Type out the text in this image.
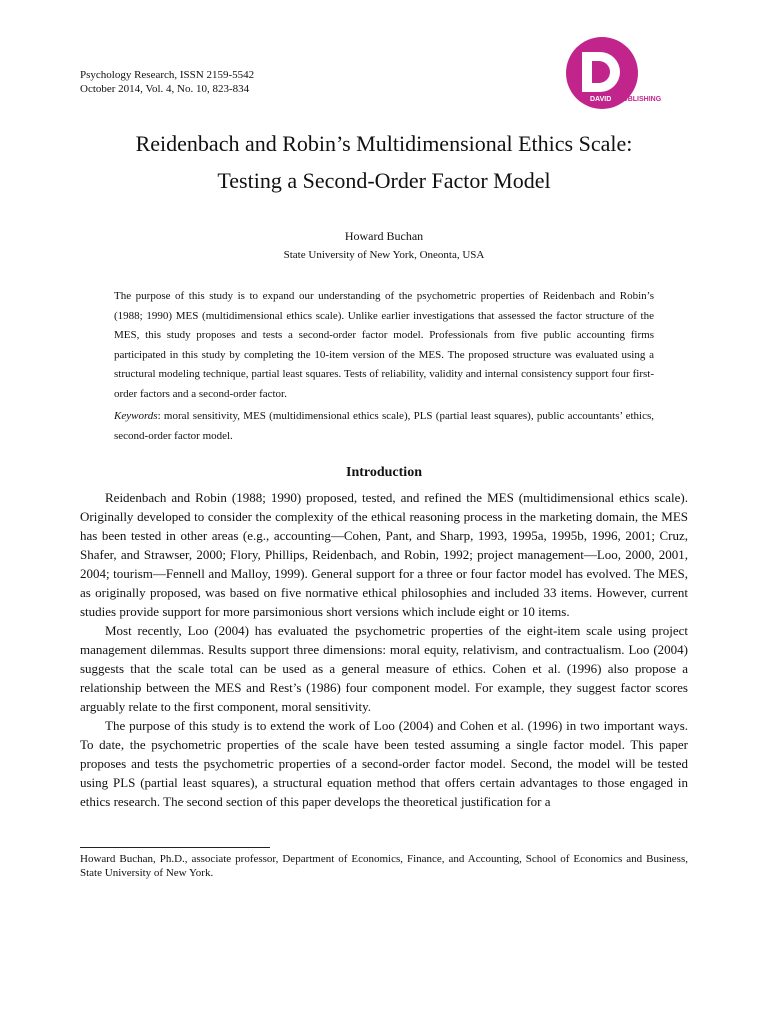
Psychology Research, ISSN 2159-5542
October 2014, Vol. 4, No. 10, 823-834
DAVID PUBLISHING
Reidenbach and Robin’s Multidimensional Ethics Scale:
Testing a Second-Order Factor Model
Howard Buchan
State University of New York, Oneonta, USA
The purpose of this study is to expand our understanding of the psychometric properties of Reidenbach and Robin’s (1988; 1990) MES (multidimensional ethics scale). Unlike earlier investigations that assessed the factor structure of the MES, this study proposes and tests a second-order factor model. Professionals from five public accounting firms participated in this study by completing the 10-item version of the MES. The proposed structure was evaluated using a structural modeling technique, partial least squares. Tests of reliability, validity and internal consistency support four first-order factors and a second-order factor.
Keywords: moral sensitivity, MES (multidimensional ethics scale), PLS (partial least squares), public accountants’ ethics, second-order factor model.
Introduction

Reidenbach and Robin (1988; 1990) proposed, tested, and refined the MES (multidimensional ethics scale). Originally developed to consider the complexity of the ethical reasoning process in the marketing domain, the MES has been tested in other areas (e.g., accounting—Cohen, Pant, and Sharp, 1993, 1995a, 1995b, 1996, 2001; Cruz, Shafer, and Strawser, 2000; Flory, Phillips, Reidenbach, and Robin, 1992; project management—Loo, 2000, 2001, 2004; tourism—Fennell and Malloy, 1999). General support for a three or four factor model has evolved. The MES, as originally proposed, was based on five normative ethical philosophies and included 33 items. However, current studies provide support for more parsimonious short versions which include eight or 10 items.

Most recently, Loo (2004) has evaluated the psychometric properties of the eight-item scale using project management dilemmas. Results support three dimensions: moral equity, relativism, and contractualism. Loo (2004) suggests that the scale total can be used as a general measure of ethics. Cohen et al. (1996) also propose a relationship between the MES and Rest’s (1986) four component model. For example, they suggest factor scores arguably relate to the first component, moral sensitivity.

The purpose of this study is to extend the work of Loo (2004) and Cohen et al. (1996) in two important ways. To date, the psychometric properties of the scale have been tested assuming a single factor model. This paper proposes and tests the psychometric properties of a second-order factor model. Second, the model will be tested using PLS (partial least squares), a structural equation method that offers certain advantages to those engaged in ethics research. The second section of this paper develops the theoretical justification for a

Howard Buchan, Ph.D., associate professor, Department of Economics, Finance, and Accounting, School of Economics and Business, State University of New York.
